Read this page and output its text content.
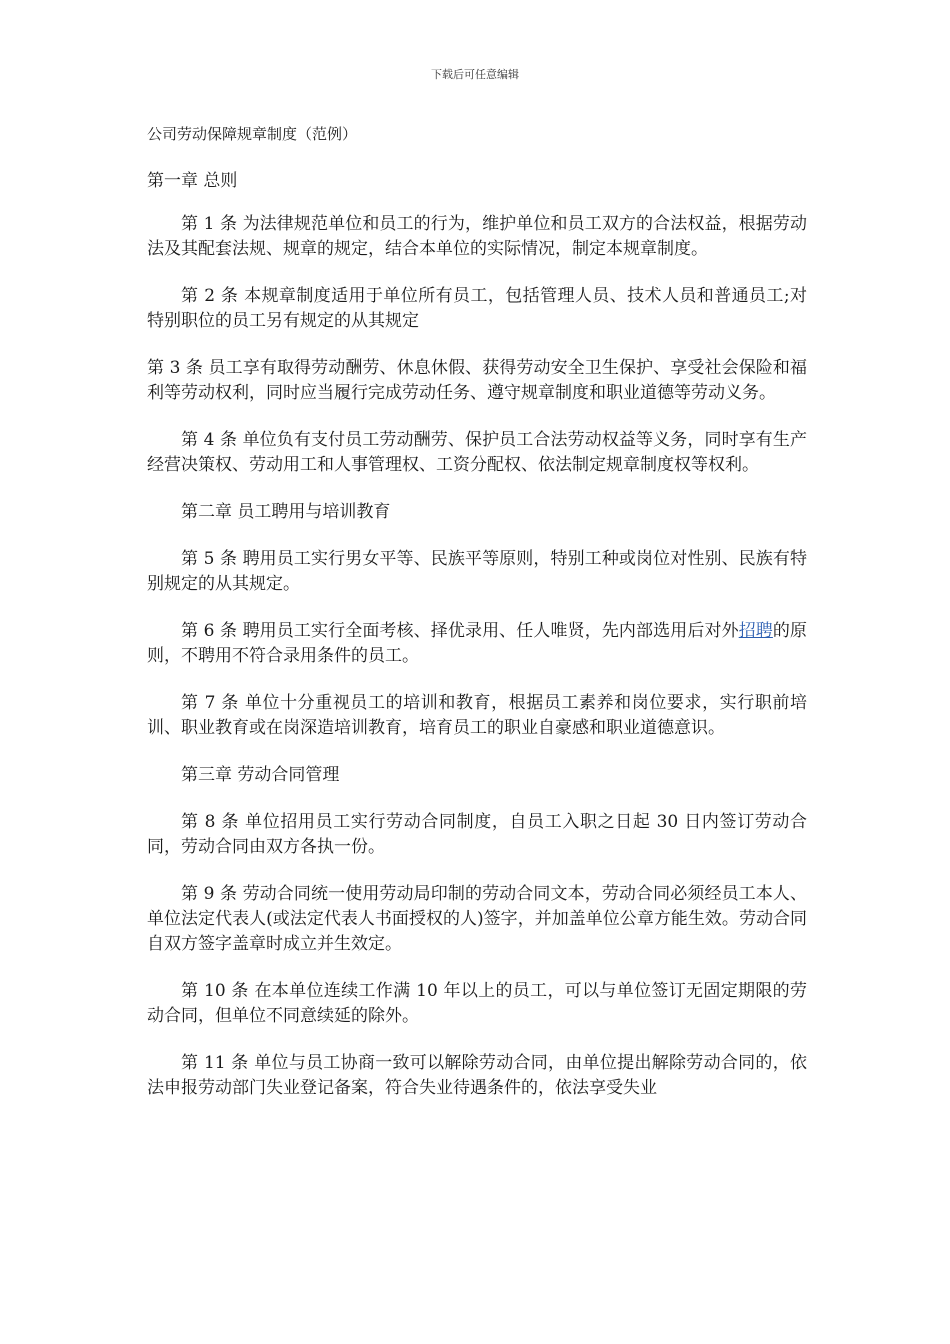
下载后可任意编辑
公司劳动保障规章制度（范例）
第一章 总则

第 1 条 为法律规范单位和员工的行为，维护单位和员工双方的合法权益，根据劳动法及其配套法规、规章的规定，结合本单位的实际情况，制定本规章制度。

第 2 条 本规章制度适用于单位所有员工，包括管理人员、技术人员和普通员工;对特别职位的员工另有规定的从其规定

第 3 条 员工享有取得劳动酬劳、休息休假、获得劳动安全卫生保护、享受社会保险和福利等劳动权利，同时应当履行完成劳动任务、遵守规章制度和职业道德等劳动义务。

第 4 条 单位负有支付员工劳动酬劳、保护员工合法劳动权益等义务，同时享有生产经营决策权、劳动用工和人事管理权、工资分配权、依法制定规章制度权等权利。

第二章 员工聘用与培训教育

第 5 条 聘用员工实行男女平等、民族平等原则，特别工种或岗位对性别、民族有特别规定的从其规定。

第 6 条 聘用员工实行全面考核、择优录用、任人唯贤，先内部选用后对外招聘的原则，不聘用不符合录用条件的员工。

第 7 条 单位十分重视员工的培训和教育，根据员工素养和岗位要求，实行职前培训、职业教育或在岗深造培训教育，培育员工的职业自豪感和职业道德意识。

第三章 劳动合同管理

第 8 条 单位招用员工实行劳动合同制度，自员工入职之日起 30 日内签订劳动合同，劳动合同由双方各执一份。

第 9 条 劳动合同统一使用劳动局印制的劳动合同文本，劳动合同必须经员工本人、单位法定代表人(或法定代表人书面授权的人)签字，并加盖单位公章方能生效。劳动合同自双方签字盖章时成立并生效定。

第 10 条 在本单位连续工作满 10 年以上的员工，可以与单位签订无固定期限的劳动合同，但单位不同意续延的除外。

第 11 条 单位与员工协商一致可以解除劳动合同，由单位提出解除劳动合同的，依法申报劳动部门失业登记备案，符合失业待遇条件的，依法享受失业
